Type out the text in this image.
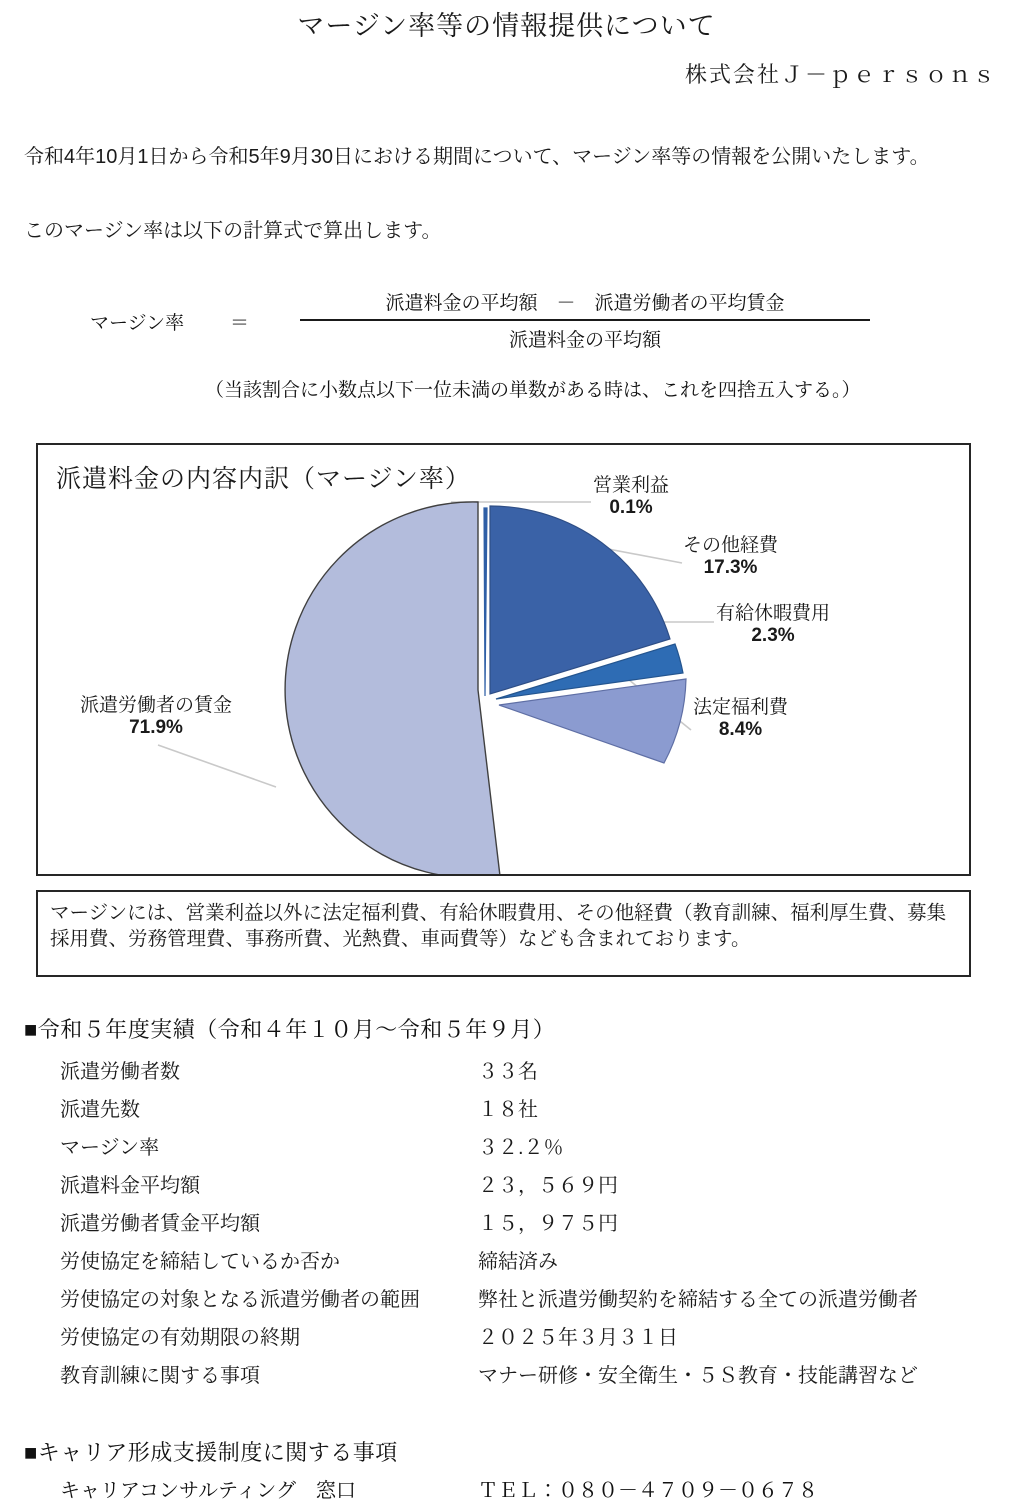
マージン率等の情報提供について
株式会社Ｊ－ｐｅｒｓｏｎｓ
令和4年10月1日から令和5年9月30日における期間について、マージン率等の情報を公開いたします。
このマージン率は以下の計算式で算出します。
マージン率 ＝
派遣料金の平均額　－　派遣労働者の平均賃金
派遣料金の平均額
（当該割合に小数点以下一位未満の単数がある時は、これを四捨五入する。）
派遣料金の内容内訳（マージン率）	営業利益
0.1%
その他経費
17.3%
有給休暇費用
2.3%
法定福利費
8.4%
派遣労働者の賃金
71.9%
マージンには、営業利益以外に法定福利費、有給休暇費用、その他経費（教育訓練、福利厚生費、募集採用費、労務管理費、事務所費、光熱費、車両費等）なども含まれております。
■令和５年度実績（令和４年１０月～令和５年９月）
派遣労働者数	３３名
派遣先数	１８社
マージン率	３２.２％
派遣料金平均額	２３，５６９円
派遣労働者賃金平均額	１５，９７５円
労使協定を締結しているか否か	締結済み
労使協定の対象となる派遣労働者の範囲	弊社と派遣労働契約を締結する全ての派遣労働者
労使協定の有効期限の終期	２０２５年３月３１日
教育訓練に関する事項	マナー研修・安全衛生・５Ｓ教育・技能講習など
■キャリア形成支援制度に関する事項
キャリアコンサルティング　窓口	ＴＥＬ：０８０－４７０９－０６７８
